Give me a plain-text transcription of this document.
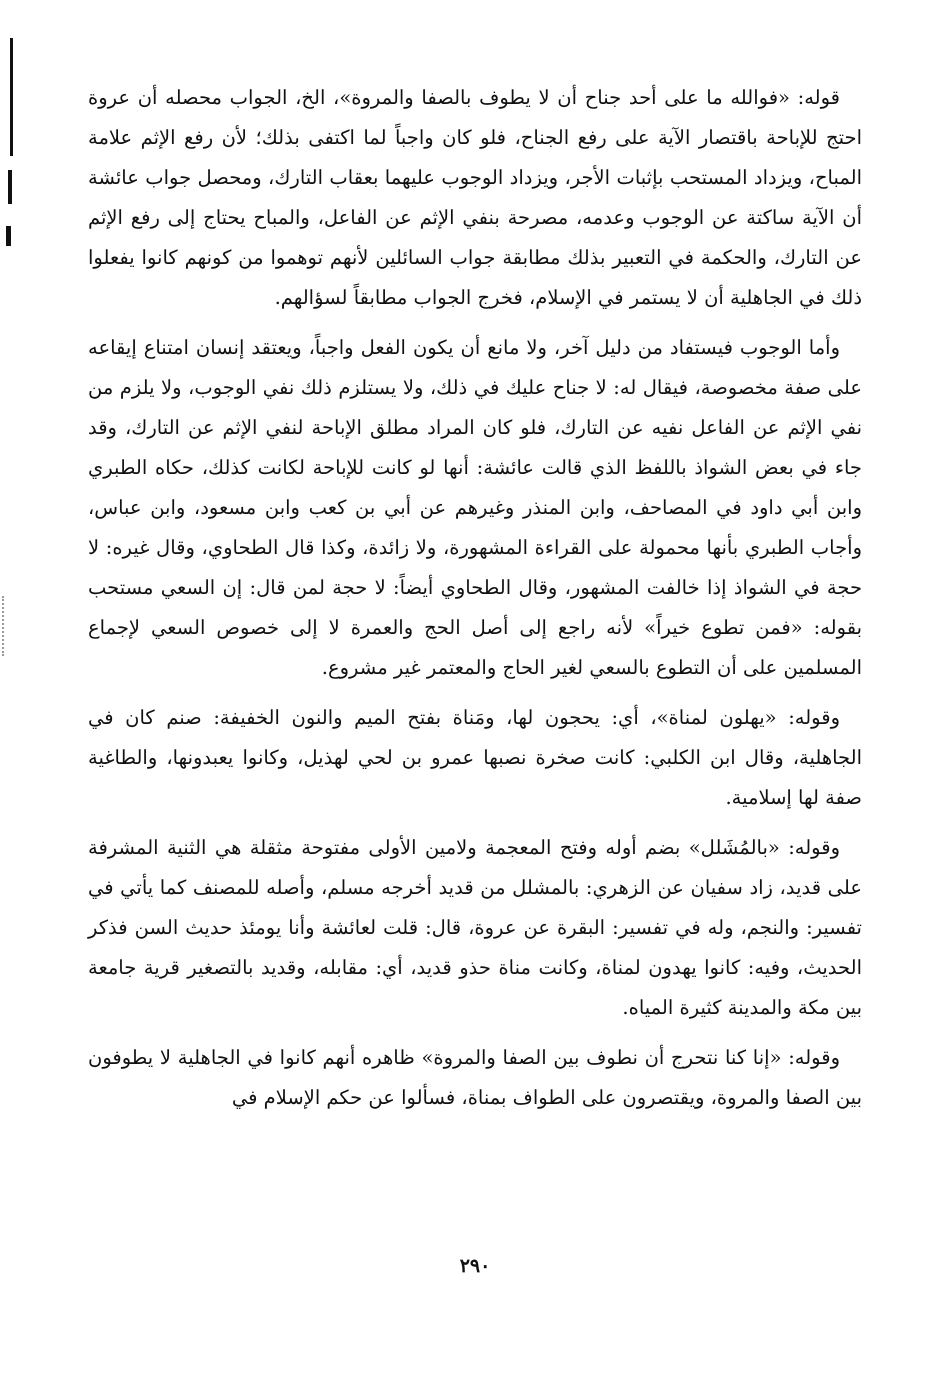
قوله: «فوالله ما على أحد جناح أن لا يطوف بالصفا والمروة»، الخ، الجواب محصله أن عروة احتج للإباحة باقتصار الآية على رفع الجناح، فلو كان واجباً لما اكتفى بذلك؛ لأن رفع الإثم علامة المباح، ويزداد المستحب بإثبات الأجر، ويزداد الوجوب عليهما بعقاب التارك، ومحصل جواب عائشة أن الآية ساكتة عن الوجوب وعدمه، مصرحة بنفي الإثم عن الفاعل، والمباح يحتاج إلى رفع الإثم عن التارك، والحكمة في التعبير بذلك مطابقة جواب السائلين لأنهم توهموا من كونهم كانوا يفعلوا ذلك في الجاهلية أن لا يستمر في الإسلام، فخرج الجواب مطابقاً لسؤالهم.

وأما الوجوب فيستفاد من دليل آخر، ولا مانع أن يكون الفعل واجباً، ويعتقد إنسان امتناع إيقاعه على صفة مخصوصة، فيقال له: لا جناح عليك في ذلك، ولا يستلزم ذلك نفي الوجوب، ولا يلزم من نفي الإثم عن الفاعل نفيه عن التارك، فلو كان المراد مطلق الإباحة لنفي الإثم عن التارك، وقد جاء في بعض الشواذ باللفظ الذي قالت عائشة: أنها لو كانت للإباحة لكانت كذلك، حكاه الطبري وابن أبي داود في المصاحف، وابن المنذر وغيرهم عن أبي بن كعب وابن مسعود، وابن عباس، وأجاب الطبري بأنها محمولة على القراءة المشهورة، ولا زائدة، وكذا قال الطحاوي، وقال غيره: لا حجة في الشواذ إذا خالفت المشهور، وقال الطحاوي أيضاً: لا حجة لمن قال: إن السعي مستحب بقوله: «فمن تطوع خيراً» لأنه راجع إلى أصل الحج والعمرة لا إلى خصوص السعي لإجماع المسلمين على أن التطوع بالسعي لغير الحاج والمعتمر غير مشروع.

وقوله: «يهلون لمناة»، أي: يحجون لها، ومَناة بفتح الميم والنون الخفيفة: صنم كان في الجاهلية، وقال ابن الكلبي: كانت صخرة نصبها عمرو بن لحي لهذيل، وكانوا يعبدونها، والطاغية صفة لها إسلامية.

وقوله: «بالمُشَلل» بضم أوله وفتح المعجمة ولامين الأولى مفتوحة مثقلة هي الثنية المشرفة على قديد، زاد سفيان عن الزهري: بالمشلل من قديد أخرجه مسلم، وأصله للمصنف كما يأتي في تفسير: والنجم، وله في تفسير: البقرة عن عروة، قال: قلت لعائشة وأنا يومئذ حديث السن فذكر الحديث، وفيه: كانوا يهدون لمناة، وكانت مناة حذو قديد، أي: مقابله، وقديد بالتصغير قرية جامعة بين مكة والمدينة كثيرة المياه.

وقوله: «إنا كنا نتحرج أن نطوف بين الصفا والمروة» ظاهره أنهم كانوا في الجاهلية لا يطوفون بين الصفا والمروة، ويقتصرون على الطواف بمناة، فسألوا عن حكم الإسلام في

٢٩٠
